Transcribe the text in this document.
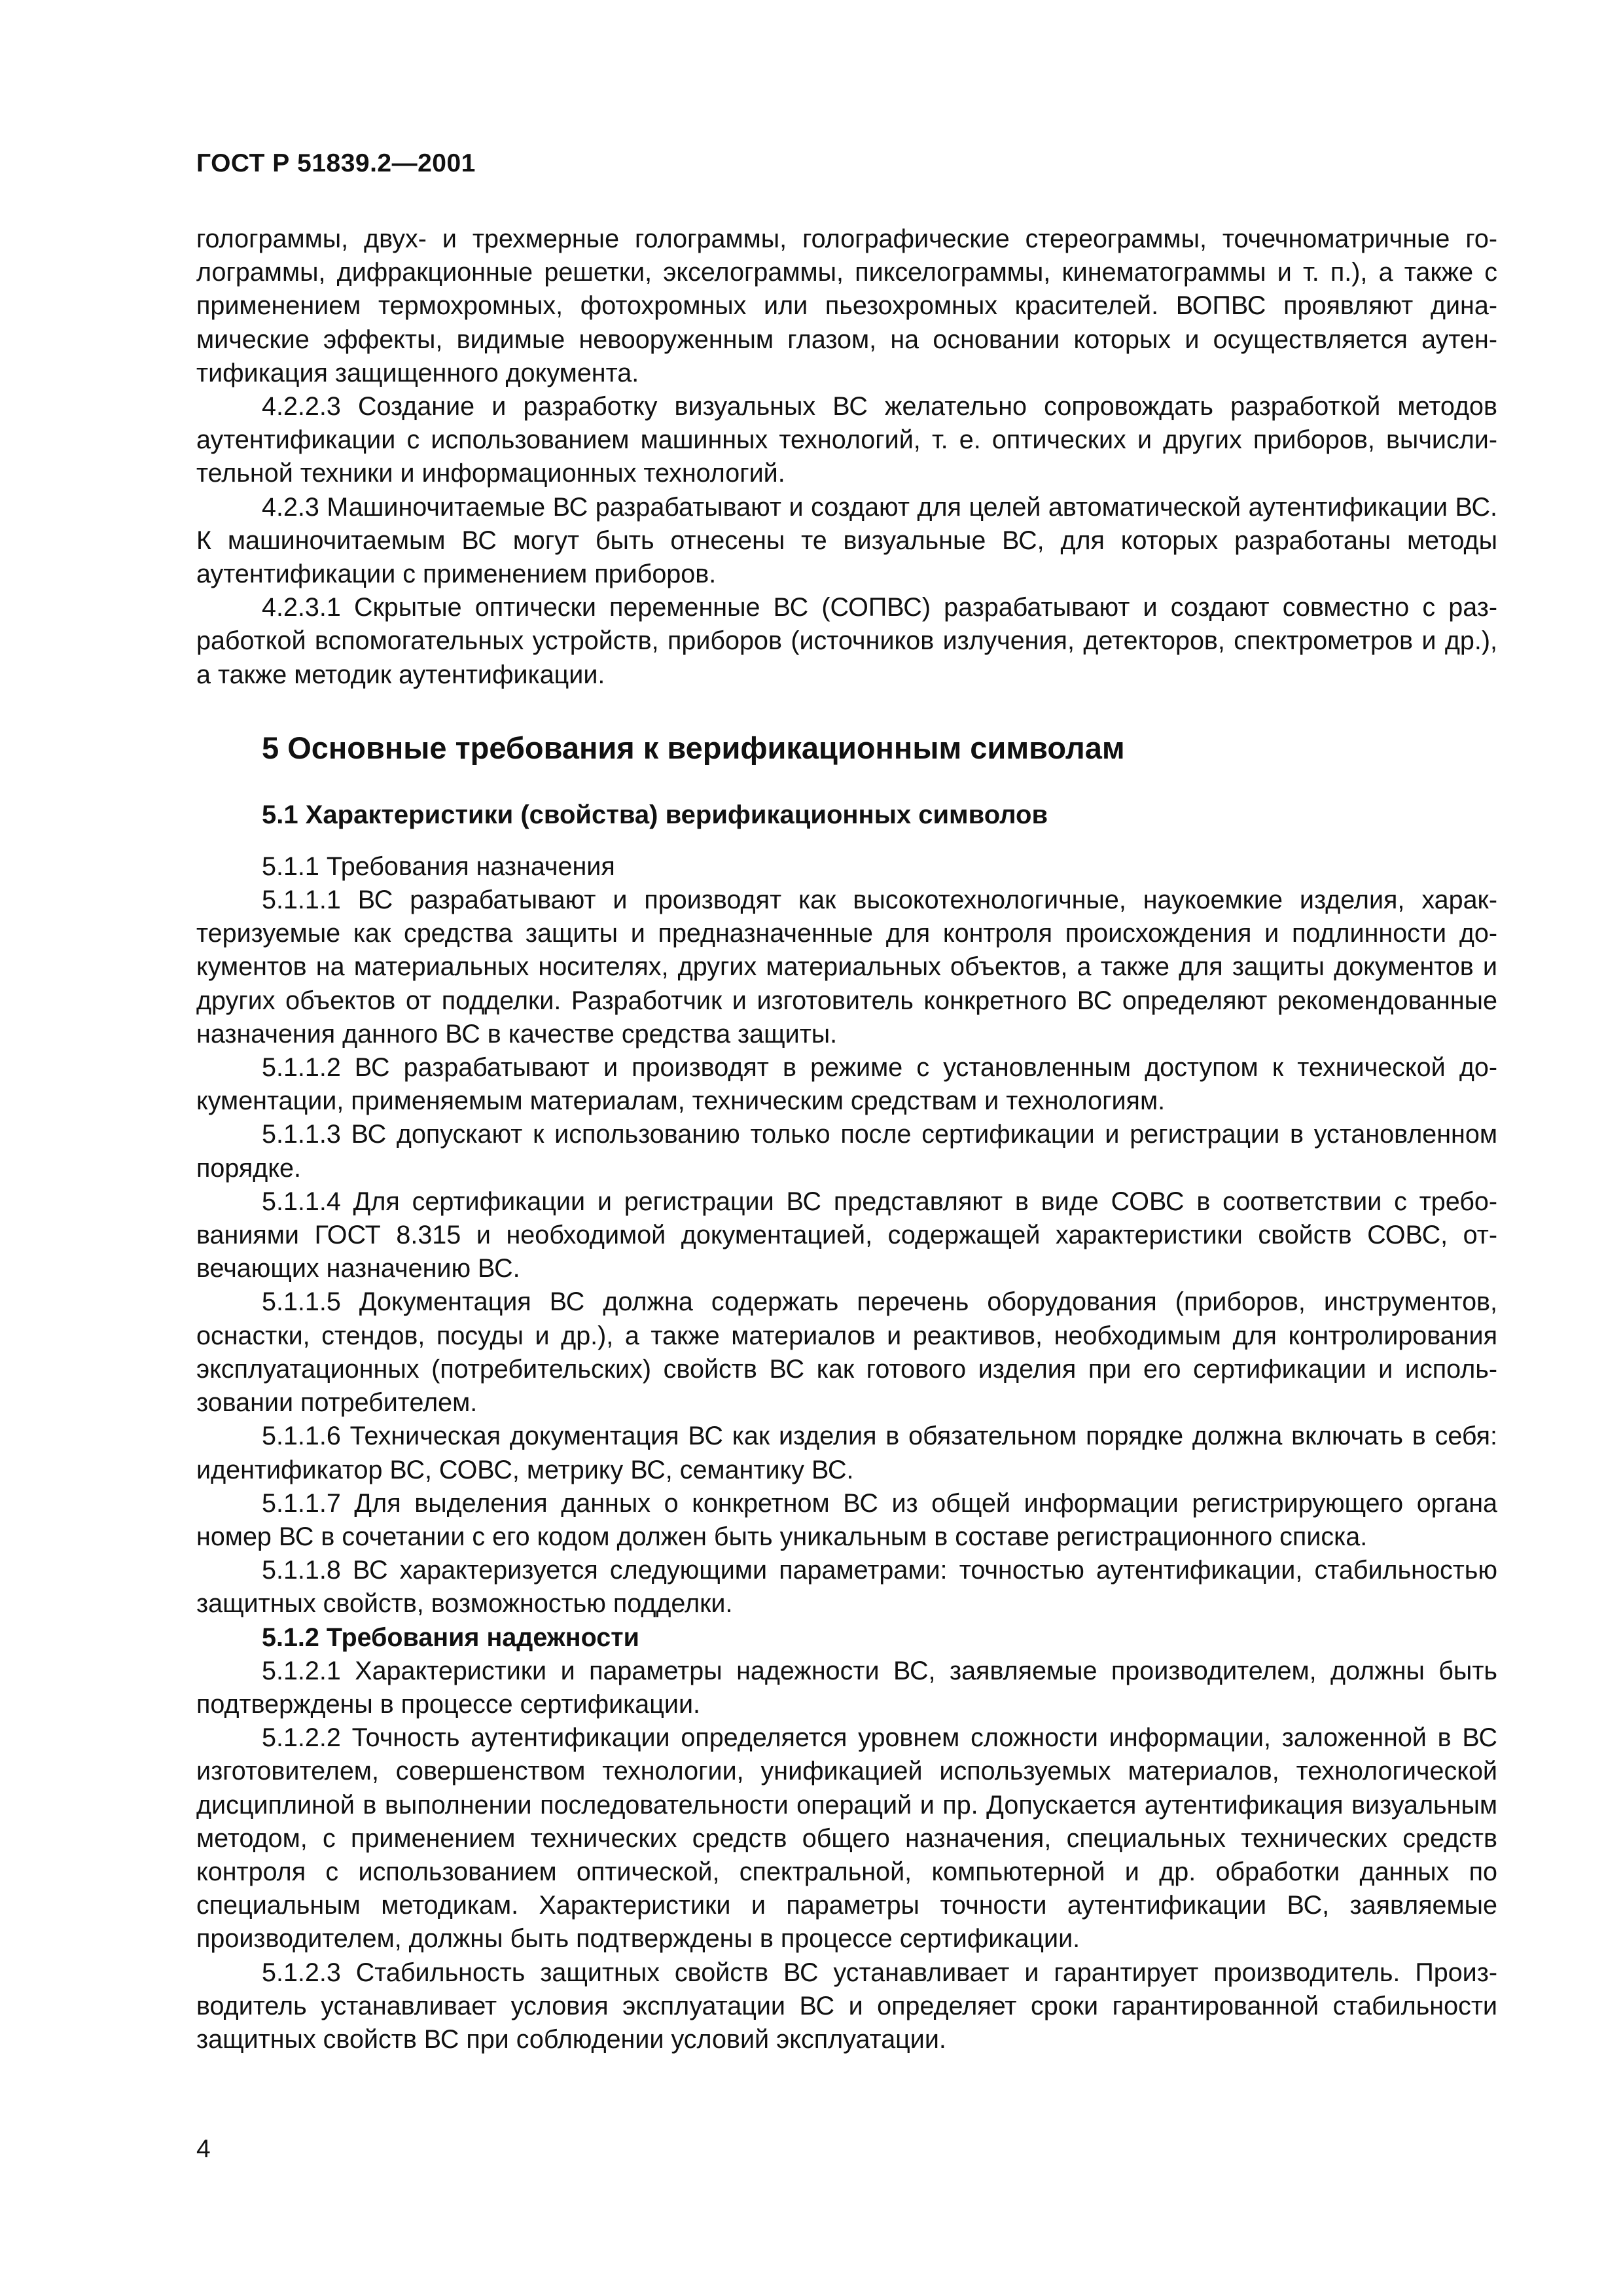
ГОСТ Р 51839.2—2001

голограммы, двух- и трехмерные голограммы, голографические стереограммы, точечноматричные голограммы, дифракционные решетки, экселограммы, пикселограммы, кинематограммы и т. п.), а также с применением термохромных, фотохромных или пьезохромных красителей. ВОПВС проявляют динамические эффекты, видимые невооруженным глазом, на основании которых и осуществляется аутентификация защищенного документа.

4.2.2.3 Создание и разработку визуальных ВС желательно сопровождать разработкой методов аутентификации с использованием машинных технологий, т. е. оптических и других приборов, вычислительной техники и информационных технологий.

4.2.3 Машиночитаемые ВС разрабатывают и создают для целей автоматической аутентификации ВС. К машиночитаемым ВС могут быть отнесены те визуальные ВС, для которых разработаны методы аутентификации с применением приборов.

4.2.3.1 Скрытые оптически переменные ВС (СОПВС) разрабатывают и создают совместно с разработкой вспомогательных устройств, приборов (источников излучения, детекторов, спектрометров и др.), а также методик аутентификации.

5 Основные требования к верификационным символам
5.1 Характеристики (свойства) верификационных символов

5.1.1 Требования назначения

5.1.1.1 ВС разрабатывают и производят как высокотехнологичные, наукоемкие изделия, характеризуемые как средства защиты и предназначенные для контроля происхождения и подлинности документов на материальных носителях, других материальных объектов, а также для защиты документов и других объектов от подделки. Разработчик и изготовитель конкретного ВС определяют рекомендованные назначения данного ВС в качестве средства защиты.

5.1.1.2 ВС разрабатывают и производят в режиме с установленным доступом к технической документации, применяемым материалам, техническим средствам и технологиям.

5.1.1.3 ВС допускают к использованию только после сертификации и регистрации в установленном порядке.

5.1.1.4 Для сертификации и регистрации ВС представляют в виде СОВС в соответствии с требованиями ГОСТ 8.315 и необходимой документацией, содержащей характеристики свойств СОВС, отвечающих назначению ВС.

5.1.1.5 Документация ВС должна содержать перечень оборудования (приборов, инструментов, оснастки, стендов, посуды и др.), а также материалов и реактивов, необходимым для контролирования эксплуатационных (потребительских) свойств ВС как готового изделия при его сертификации и использовании потребителем.

5.1.1.6 Техническая документация ВС как изделия в обязательном порядке должна включать в себя: идентификатор ВС, СОВС, метрику ВС, семантику ВС.

5.1.1.7 Для выделения данных о конкретном ВС из общей информации регистрирующего органа номер ВС в сочетании с его кодом должен быть уникальным в составе регистрационного списка.

5.1.1.8 ВС характеризуется следующими параметрами: точностью аутентификации, стабильностью защитных свойств, возможностью подделки.

5.1.2 Требования надежности

5.1.2.1 Характеристики и параметры надежности ВС, заявляемые производителем, должны быть подтверждены в процессе сертификации.

5.1.2.2 Точность аутентификации определяется уровнем сложности информации, заложенной в ВС изготовителем, совершенством технологии, унификацией используемых материалов, технологической дисциплиной в выполнении последовательности операций и пр. Допускается аутентификация визуальным методом, с применением технических средств общего назначения, специальных технических средств контроля с использованием оптической, спектральной, компьютерной и др. обработки данных по специальным методикам. Характеристики и параметры точности аутентификации ВС, заявляемые производителем, должны быть подтверждены в процессе сертификации.

5.1.2.3 Стабильность защитных свойств ВС устанавливает и гарантирует производитель. Производитель устанавливает условия эксплуатации ВС и определяет сроки гарантированной стабильности защитных свойств ВС при соблюдении условий эксплуатации.

4
